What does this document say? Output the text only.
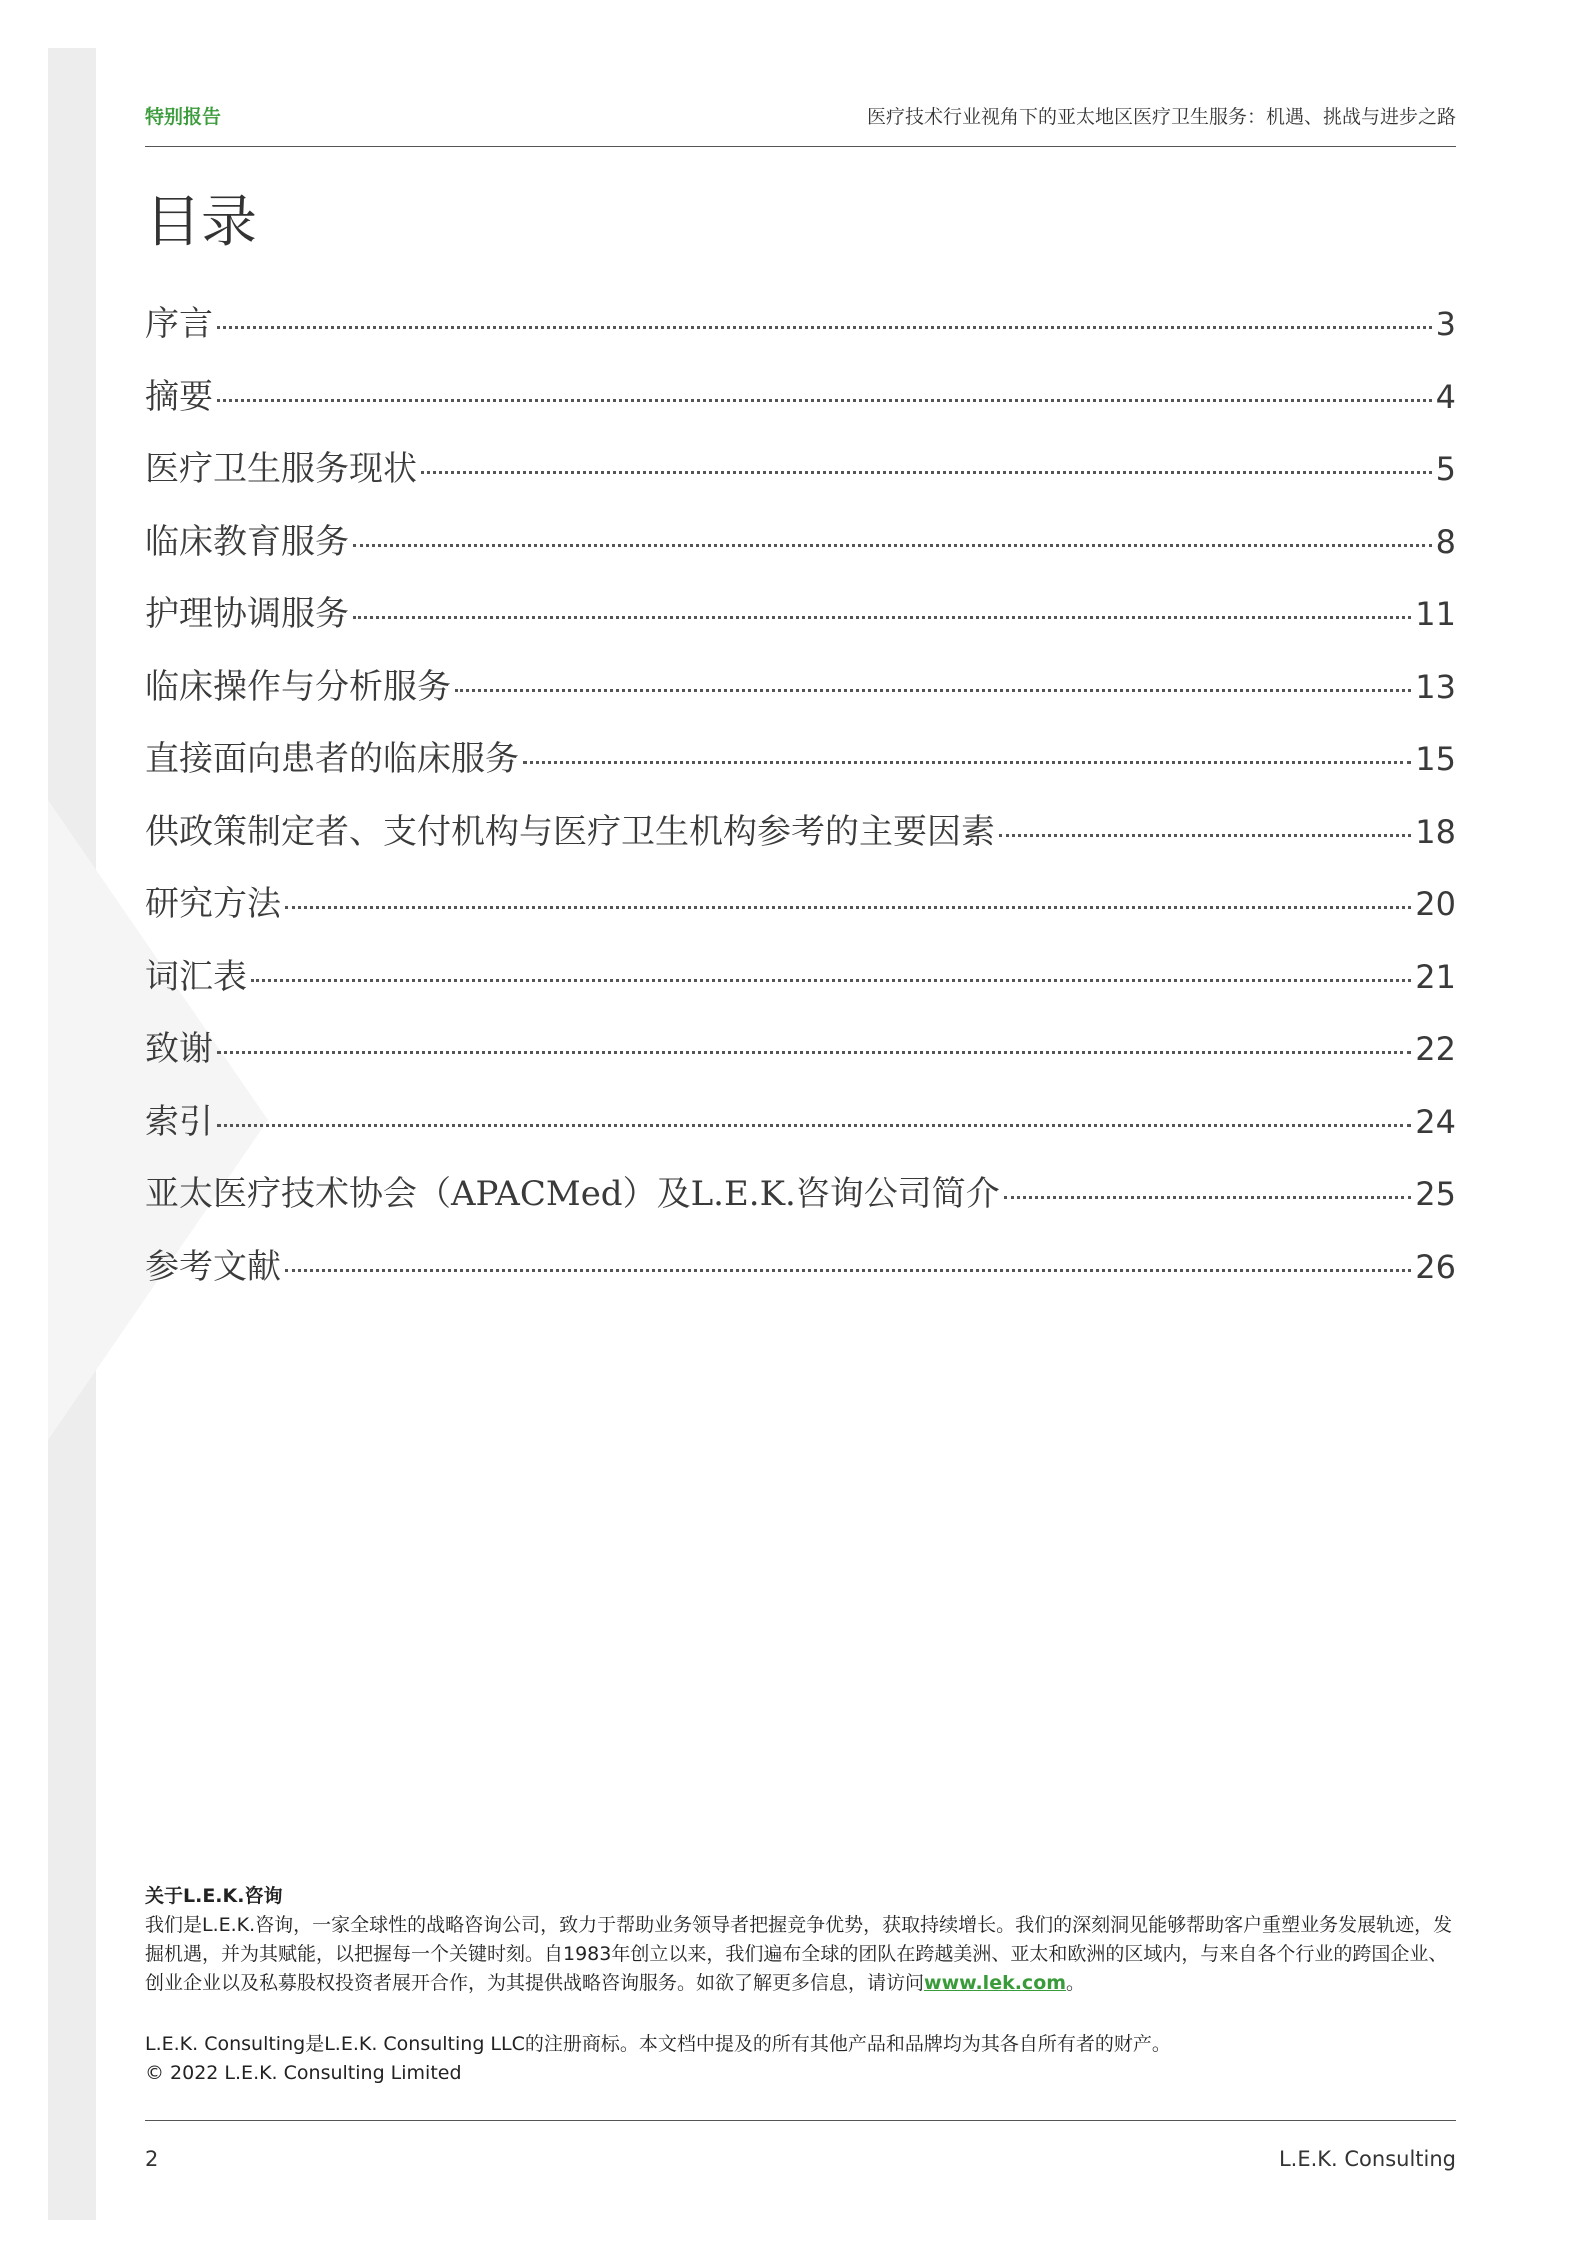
特别报告	医疗技术行业视角下的亚太地区医疗卫生服务：机遇、挑战与进步之路
目录
序言	3
摘要	4
医疗卫生服务现状	5
临床教育服务	8
护理协调服务	11
临床操作与分析服务	13
直接面向患者的临床服务	15
供政策制定者、支付机构与医疗卫生机构参考的主要因素	18
研究方法	20
词汇表	21
致谢	22
索引	24
亚太医疗技术协会（APACMed）及L.E.K.咨询公司简介	25
参考文献	26

关于L.E.K.咨询

我们是L.E.K.咨询，一家全球性的战略咨询公司，致力于帮助业务领导者把握竞争优势，获取持续增长。我们的深刻洞见能够帮助客户重塑业务发展轨迹，发掘机遇，并为其赋能，以把握每一个关键时刻。自1983年创立以来，我们遍布全球的团队在跨越美洲、亚太和欧洲的区域内，与来自各个行业的跨国企业、创业企业以及私募股权投资者展开合作，为其提供战略咨询服务。如欲了解更多信息，请访问www.lek.com。

L.E.K. Consulting是L.E.K. Consulting LLC的注册商标。本文档中提及的所有其他产品和品牌均为其各自所有者的财产。

© 2022 L.E.K. Consulting Limited

2	L.E.K. Consulting
